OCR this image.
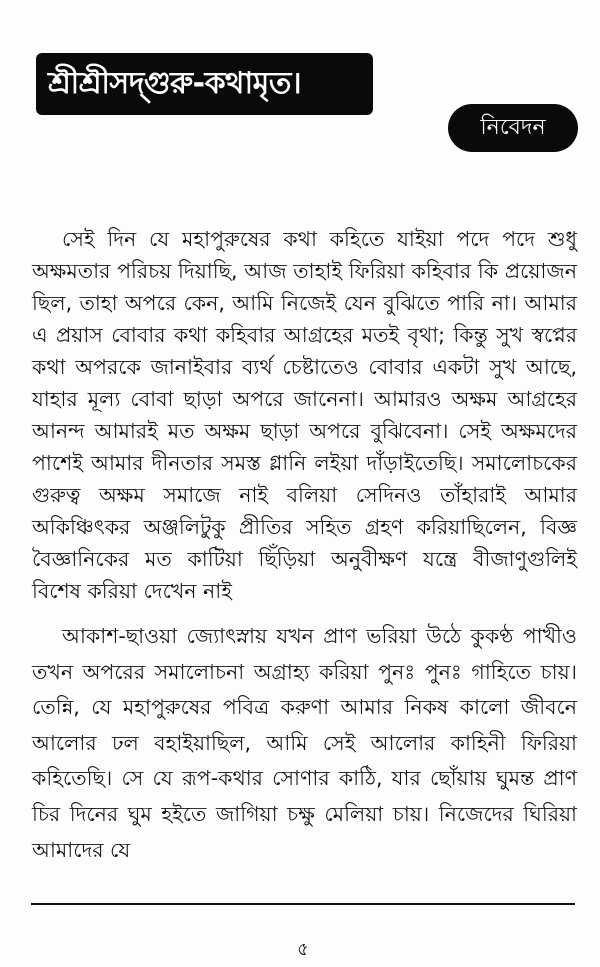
শ্রীশ্রীসদ্গুরু-কথামৃত।
নিবেদন

সেই দিন যে মহাপুরুষের কথা কহিতে যাইয়া পদে পদে শুধু অক্ষমতার পরিচয় দিয়াছি, আজ তাহাই ফিরিয়া কহিবার কি প্রয়োজন ছিল, তাহা অপরে কেন, আমি নিজেই যেন বুঝিতে পারি না। আমার এ প্রয়াস বোবার কথা কহিবার আগ্রহের মতই বৃথা; কিন্তু সুখ স্বপ্নের কথা অপরকে জানাইবার ব্যর্থ চেষ্টাতেও বোবার একটা সুখ আছে, যাহার মূল্য বোবা ছাড়া অপরে জানেনা। আমারও অক্ষম আগ্রহের আনন্দ আমারই মত অক্ষম ছাড়া অপরে বুঝিবেনা। সেই অক্ষমদের পাশেই আমার দীনতার সমস্ত গ্লানি লইয়া দাঁড়াইতেছি। সমালোচকের গুরুত্ব অক্ষম সমাজে নাই বলিয়া সেদিনও তাঁহারাই আমার অকিঞ্চিৎকর অঞ্জলিটুকু প্রীতির সহিত গ্রহণ করিয়াছিলেন, বিজ্ঞ বৈজ্ঞানিকের মত কাটিয়া ছিঁড়িয়া অনুবীক্ষণ যন্ত্রে বীজাণুগুলিই বিশেষ করিয়া দেখেন নাই

আকাশ-ছাওয়া জ্যোৎস্নায় যখন প্রাণ ভরিয়া উঠে কুকণ্ঠ পাখীও তখন অপরের সমালোচনা অগ্রাহ্য করিয়া পুনঃ পুনঃ গাহিতে চায়। তেন্নি, যে মহাপুরুষের পবিত্র করুণা আমার নিকষ কালো জীবনে আলোর ঢল বহাইয়াছিল, আমি সেই আলোর কাহিনী ফিরিয়া কহিতেছি। সে যে রূপ-কথার সোণার কাঠি, যার ছোঁয়ায় ঘুমন্ত প্রাণ চির দিনের ঘুম হইতে জাগিয়া চক্ষু মেলিয়া চায়। নিজেদের ঘিরিয়া আমাদের যে

৫
